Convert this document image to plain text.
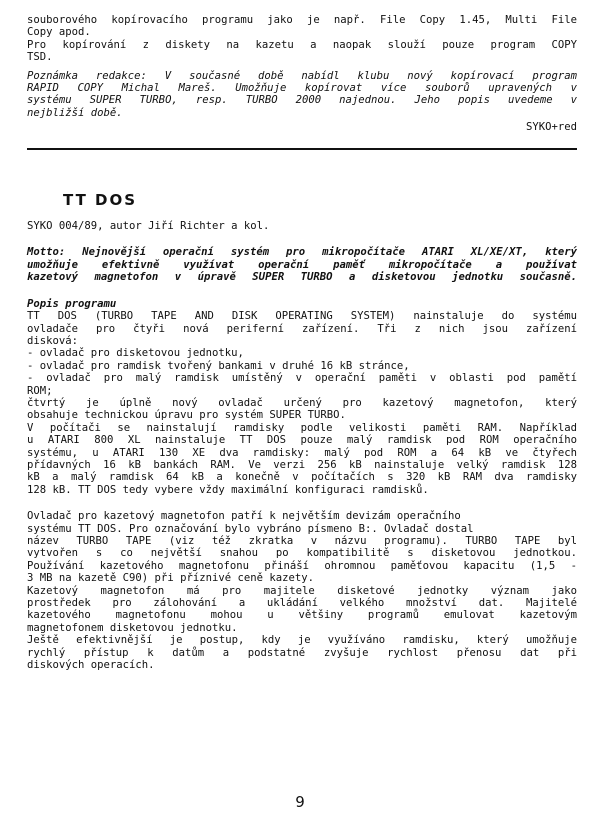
souborového kopírovacího programu jako je např. File Copy 1.45, Multi File
Copy apod.
Pro kopírování z diskety na kazetu a naopak slouží pouze program COPY
TSD.
Poznámka redakce: V současné době nabídl klubu nový kopírovací program
RAPID COPY Michal Mareš. Umožňuje kopírovat více souborů upravených v
systému SUPER TURBO, resp. TURBO 2000 najednou. Jeho popis uvedeme v
nejbližší době.
SYKO+red
TT DOS
SYKO 004/89, autor Jiří Richter a kol.
Motto: Nejnovější operační systém pro mikropočítače ATARI XL/XE/XT, který
umožňuje efektivně využívat operační paměť mikropočítače a používat
kazetový magnetofon v úpravě SUPER TURBO a disketovou jednotku současně.
Popis programu
TT DOS (TURBO TAPE AND DISK OPERATING SYSTEM) nainstaluje do systému
ovladače pro čtyři nová periferní zařízení. Tři z nich jsou zařízení
disková:
- ovladač pro disketovou jednotku,
- ovladač pro ramdisk tvořený bankami v druhé 16 kB stránce,
- ovladač pro malý ramdisk umístěný v operační paměti v oblasti pod pamětí
ROM;
čtvrtý je úplně nový ovladač určený pro kazetový magnetofon, který
obsahuje technickou úpravu pro systém SUPER TURBO.
V počítači se nainstalují ramdisky podle velikosti paměti RAM. Například
u ATARI 800 XL nainstaluje TT DOS pouze malý ramdisk pod ROM operačního
systému, u ATARI 130 XE dva ramdisky: malý pod ROM a 64 kB ve čtyřech
přídavných 16 kB bankách RAM. Ve verzi 256 kB nainstaluje velký ramdisk 128
kB a malý ramdisk 64 kB a konečně v počítačích s 320 kB RAM dva ramdisky
128 kB. TT DOS tedy vybere vždy maximální konfiguraci ramdisků.
Ovladač pro kazetový magnetofon patří k největším devizám operačního
systému TT DOS. Pro označování bylo vybráno písmeno B:. Ovladač dostal
název TURBO TAPE (viz též zkratka v názvu programu). TURBO TAPE byl
vytvořen s co největší snahou po kompatibilitě s disketovou jednotkou.
Používání kazetového magnetofonu přináší ohromnou paměťovou kapacitu (1,5 -
3 MB na kazetě C90) při příznivé ceně kazety.
Kazetový magnetofon má pro majitele disketové jednotky význam jako
prostředek pro zálohování a ukládání velkého množství dat. Majitelé
kazetového magnetofonu mohou u většiny programů emulovat kazetovým
magnetofonem disketovou jednotku.
Ještě efektivnější je postup, kdy je využíváno ramdisku, který umožňuje
rychlý přístup k datům a podstatné zvyšuje rychlost přenosu dat při
diskových operacích.
9
